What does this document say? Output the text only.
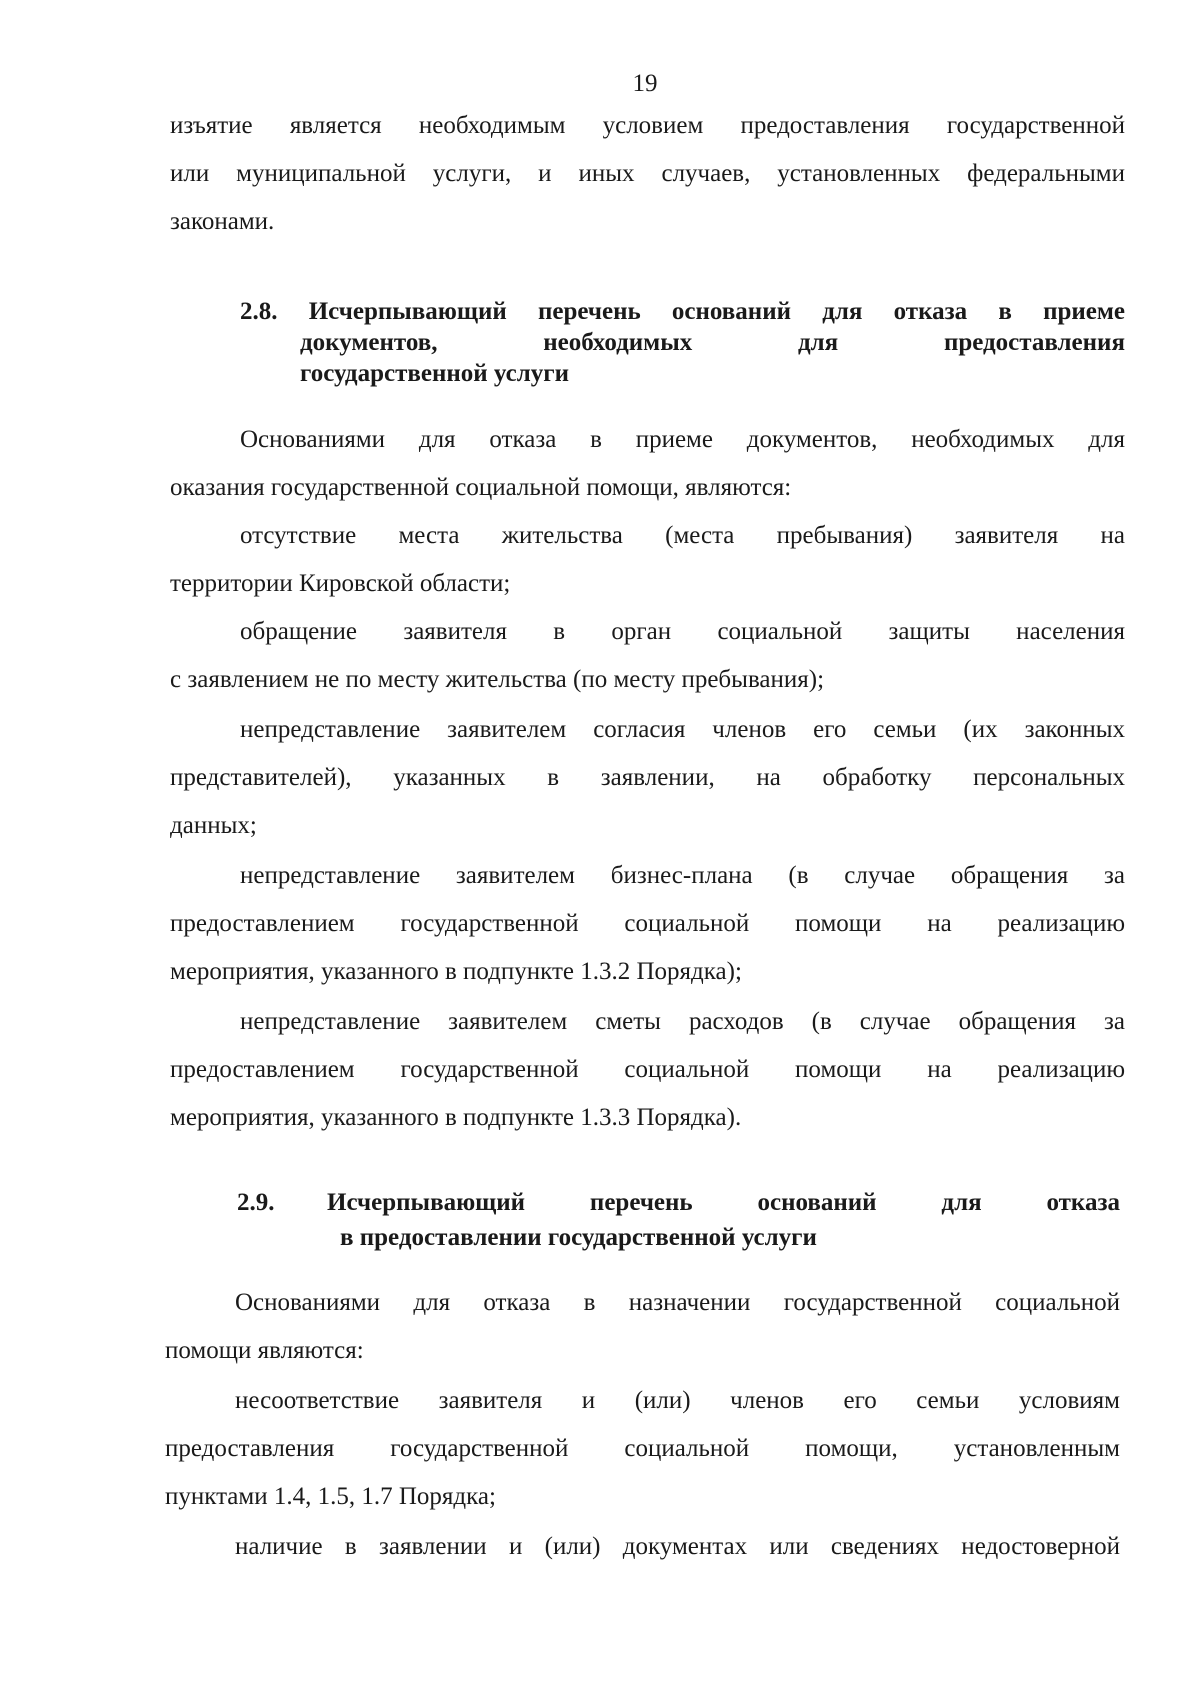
19
изъятие является необходимым условием предоставления государственной
или муниципальной услуги, и иных случаев, установленных федеральными
законами.
2.8. Исчерпывающий перечень оснований для отказа в приеме
документов, необходимых для предоставления
государственной услуги
Основаниями для отказа в приеме документов, необходимых для
оказания государственной социальной помощи, являются:
отсутствие места жительства (места пребывания) заявителя на
территории Кировской области;
обращение заявителя в орган социальной защиты населения
с заявлением не по месту жительства (по месту пребывания);
непредставление заявителем согласия членов его семьи (их законных
представителей), указанных в заявлении, на обработку персональных
данных;
непредставление заявителем бизнес-плана (в случае обращения за
предоставлением государственной социальной помощи на реализацию
мероприятия, указанного в подпункте 1.3.2 Порядка);
непредставление заявителем сметы расходов (в случае обращения за
предоставлением государственной социальной помощи на реализацию
мероприятия, указанного в подпункте 1.3.3 Порядка).
2.9.	Исчерпывающий перечень оснований для отказа
в предоставлении государственной услуги
Основаниями для отказа в назначении государственной социальной
помощи являются:
несоответствие заявителя и (или) членов его семьи условиям
предоставления государственной социальной помощи, установленным
пунктами 1.4, 1.5, 1.7 Порядка;
наличие в заявлении и (или) документах или сведениях недостоверной
